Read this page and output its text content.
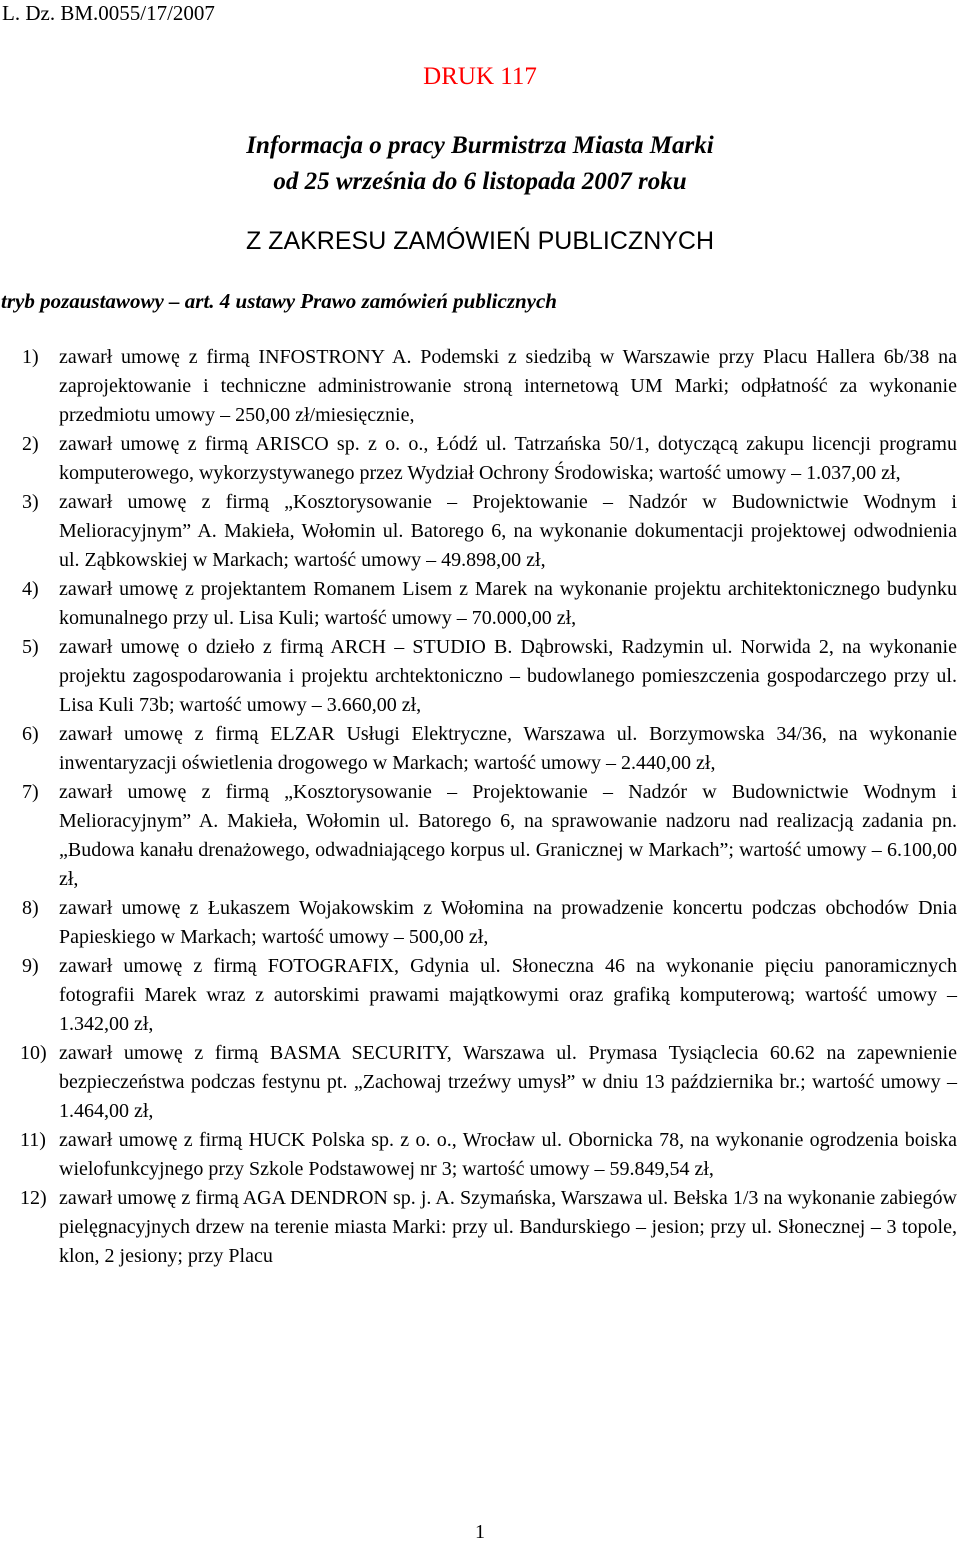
L. Dz. BM.0055/17/2007
DRUK 117
Informacja o pracy Burmistrza Miasta Marki
od 25 września do 6 listopada 2007 roku
Z ZAKRESU ZAMÓWIEŃ PUBLICZNYCH
tryb pozaustawowy – art. 4 ustawy Prawo zamówień publicznych
1) zawarł umowę z firmą INFOSTRONY A. Podemski z siedzibą w Warszawie przy Placu Hallera 6b/38 na zaprojektowanie i techniczne administrowanie stroną internetową UM Marki; odpłatność za wykonanie przedmiotu umowy – 250,00 zł/miesięcznie,
2) zawarł umowę z firmą ARISCO sp. z o. o., Łódź ul. Tatrzańska 50/1, dotyczącą zakupu licencji programu komputerowego, wykorzystywanego przez Wydział Ochrony Środowiska; wartość umowy – 1.037,00 zł,
3) zawarł umowę z firmą „Kosztorysowanie – Projektowanie – Nadzór w Budownictwie Wodnym i Melioracyjnym” A. Makieła, Wołomin ul. Batorego 6, na wykonanie dokumentacji projektowej odwodnienia ul. Ząbkowskiej w Markach; wartość umowy – 49.898,00 zł,
4) zawarł umowę z projektantem Romanem Lisem z Marek na wykonanie projektu architektonicznego budynku komunalnego przy ul. Lisa Kuli; wartość umowy – 70.000,00 zł,
5) zawarł umowę o dzieło z firmą ARCH – STUDIO B. Dąbrowski, Radzymin ul. Norwida 2, na wykonanie projektu zagospodarowania i projektu archtektoniczno – budowlanego pomieszczenia gospodarczego przy ul. Lisa Kuli 73b; wartość umowy – 3.660,00 zł,
6) zawarł umowę z firmą ELZAR Usługi Elektryczne, Warszawa ul. Borzymowska 34/36, na wykonanie inwentaryzacji oświetlenia drogowego w Markach; wartość umowy – 2.440,00 zł,
7) zawarł umowę z firmą „Kosztorysowanie – Projektowanie – Nadzór w Budownictwie Wodnym i Melioracyjnym” A. Makieła, Wołomin ul. Batorego 6, na sprawowanie nadzoru nad realizacją zadania pn. „Budowa kanału drenażowego, odwadniającego korpus ul. Granicznej w Markach”; wartość umowy – 6.100,00 zł,
8) zawarł umowę z Łukaszem Wojakowskim z Wołomina na prowadzenie koncertu podczas obchodów Dnia Papieskiego w Markach; wartość umowy – 500,00 zł,
9) zawarł umowę z firmą FOTOGRAFIX, Gdynia ul. Słoneczna 46 na wykonanie pięciu panoramicznych fotografii Marek wraz z autorskimi prawami majątkowymi oraz grafiką komputerową; wartość umowy – 1.342,00 zł,
10) zawarł umowę z firmą BASMA SECURITY, Warszawa ul. Prymasa Tysiąclecia 60.62 na zapewnienie bezpieczeństwa podczas festynu pt. „Zachowaj trzeźwy umysł” w dniu 13 października br.; wartość umowy – 1.464,00 zł,
11) zawarł umowę z firmą HUCK Polska sp. z o. o., Wrocław ul. Obornicka 78, na wykonanie ogrodzenia boiska wielofunkcyjnego przy Szkole Podstawowej nr 3; wartość umowy – 59.849,54 zł,
12) zawarł umowę z firmą AGA DENDRON sp. j. A. Szymańska, Warszawa ul. Bełska 1/3 na wykonanie zabiegów pielęgnacyjnych drzew na terenie miasta Marki: przy ul. Bandurskiego – jesion; przy ul. Słonecznej – 3 topole, klon, 2 jesiony; przy Placu
1
